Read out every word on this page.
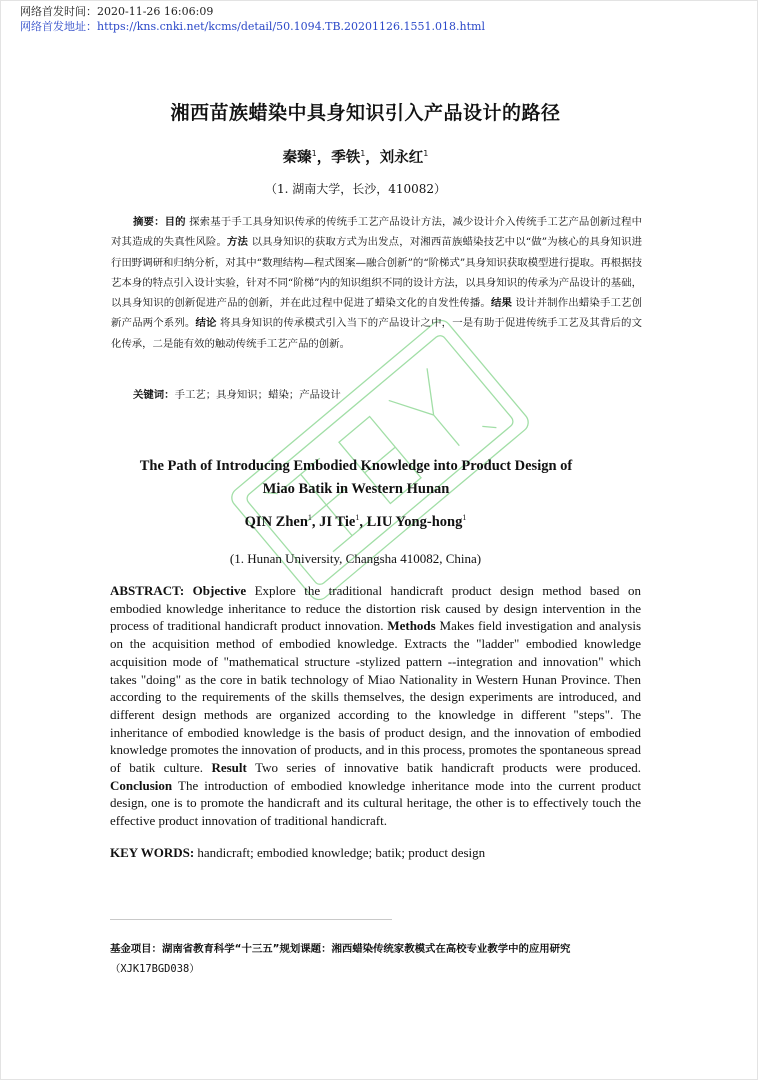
网络首发时间：2020-11-26 16:06:09
网络首发地址：https://kns.cnki.net/kcms/detail/50.1094.TB.20201126.1551.018.html
湘西苗族蜡染中具身知识引入产品设计的路径
秦臻$^1$，季铁$^1$，刘永红$^1$
（1. 湖南大学，长沙，410082）

摘要：目的 探索基于手工具身知识传承的传统手工艺产品设计方法，减少设计介入传统手工艺产品创新过程中对其造成的失真性风险。方法 以具身知识的获取方式为出发点，对湘西苗族蜡染技艺中以“做”为核心的具身知识进行田野调研和归纳分析，对其中“数理结构—程式图案—融合创新”的“阶梯式”具身知识获取模型进行提取。再根据技艺本身的特点引入设计实验，针对不同“阶梯”内的知识组织不同的设计方法，以具身知识的传承为产品设计的基础，以具身知识的创新促进产品的创新，并在此过程中促进了蜡染文化的自发性传播。结果 设计并制作出蜡染手工艺创新产品两个系列。结论 将具身知识的传承模式引入当下的产品设计之中，一是有助于促进传统手工艺及其背后的文化传承，二是能有效的触动传统手工艺产品的创新。

关键词：手工艺；具身知识；蜡染；产品设计
The Path of Introducing Embodied Knowledge into Product Design of
Miao Batik in Western Hunan
QIN Zhen$^1$, JI Tie$^1$, LIU Yong-hong$^1$
(1. Hunan University, Changsha 410082, China)

ABSTRACT: Objective Explore the traditional handicraft product design method based on embodied knowledge inheritance to reduce the distortion risk caused by design intervention in the process of traditional handicraft product innovation. Methods Makes field investigation and analysis on the acquisition method of embodied knowledge. Extracts the "ladder" embodied knowledge acquisition mode of "mathematical structure -stylized pattern --integration and innovation" which takes "doing" as the core in batik technology of Miao Nationality in Western Hunan Province. Then according to the requirements of the skills themselves, the design experiments are introduced, and different design methods are organized according to the knowledge in different "steps". The inheritance of embodied knowledge is the basis of product design, and the innovation of embodied knowledge promotes the innovation of products, and in this process, promotes the spontaneous spread of batik culture. Result Two series of innovative batik handicraft products were produced. Conclusion The introduction of embodied knowledge inheritance mode into the current product design, one is to promote the handicraft and its cultural heritage, the other is to effectively touch the effective product innovation of traditional handicraft.

KEY WORDS: handicraft; embodied knowledge; batik; product design
基金项目：湖南省教育科学“十三五”规划课题：湘西蜡染传统家教模式在高校专业教学中的应用研究
（XJK17BGD038）
